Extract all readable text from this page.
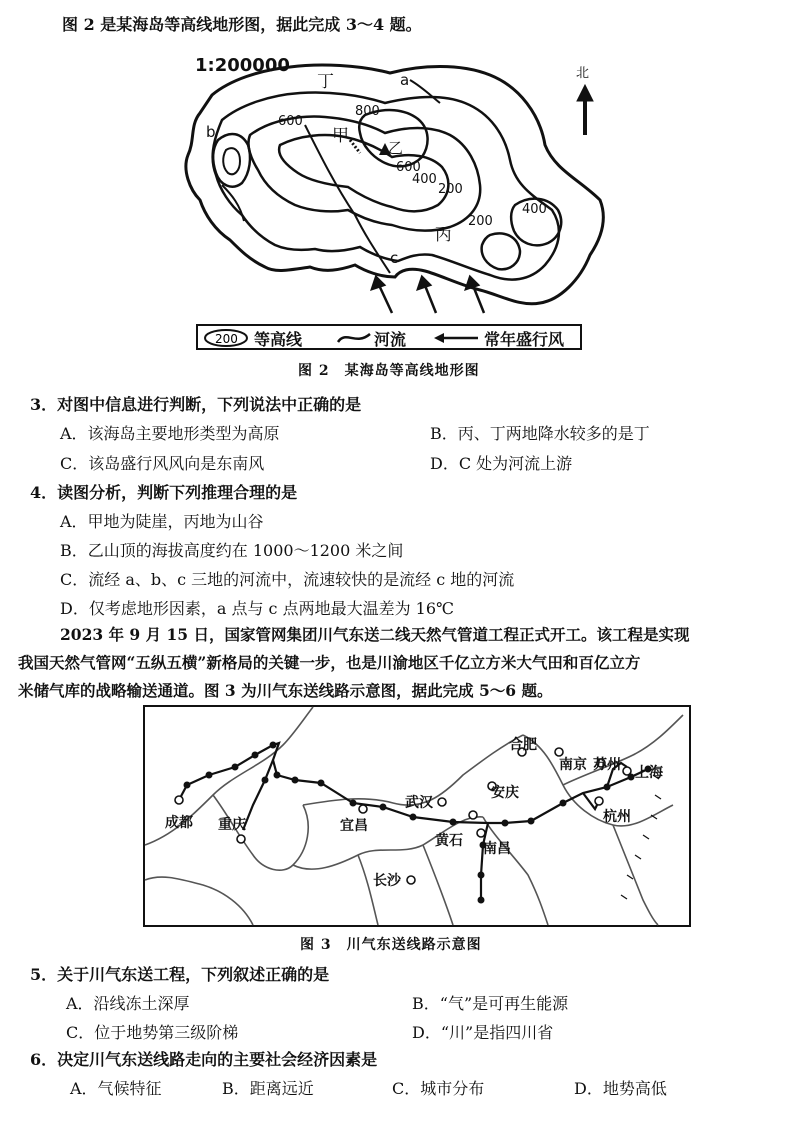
图 2 是某海岛等高线地形图，据此完成 3～4 题。
1:200000	北
丁	a
b
c
甲
乙
丙
800
600
600
400
400
200
200
200 等高线	河流	常年盛行风
图 2　某海岛等高线地形图
3．对图中信息进行判断，下列说法中正确的是
A．该海岛主要地形类型为高原	B．丙、丁两地降水较多的是丁
C．该岛盛行风风向是东南风	D．C 处为河流上游
4．读图分析，判断下列推理合理的是
A．甲地为陡崖，丙地为山谷
B．乙山顶的海拔高度约在 1000～1200 米之间
C．流经 a、b、c 三地的河流中，流速较快的是流经 c 地的河流
D．仅考虑地形因素，a 点与 c 点两地最大温差为 16℃
2023 年 9 月 15 日，国家管网集团川气东送二线天然气管道工程正式开工。该工程是实现
我国天然气管网“五纵五横”新格局的关键一步，也是川渝地区千亿立方米大气田和百亿立方
米储气库的战略输送通道。图 3 为川气东送线路示意图，据此完成 5～6 题。
成都 重庆	宜昌
武汉
安庆
合肥
南京 苏州 上海
杭州
黄石 南昌
长沙
图 3　川气东送线路示意图
5．关于川气东送工程，下列叙述正确的是
A．沿线冻土深厚	B．“气”是可再生能源
C．位于地势第三级阶梯	D．“川”是指四川省
6．决定川气东送线路走向的主要社会经济因素是
A．气候特征	B．距离远近	C．城市分布	D．地势高低
